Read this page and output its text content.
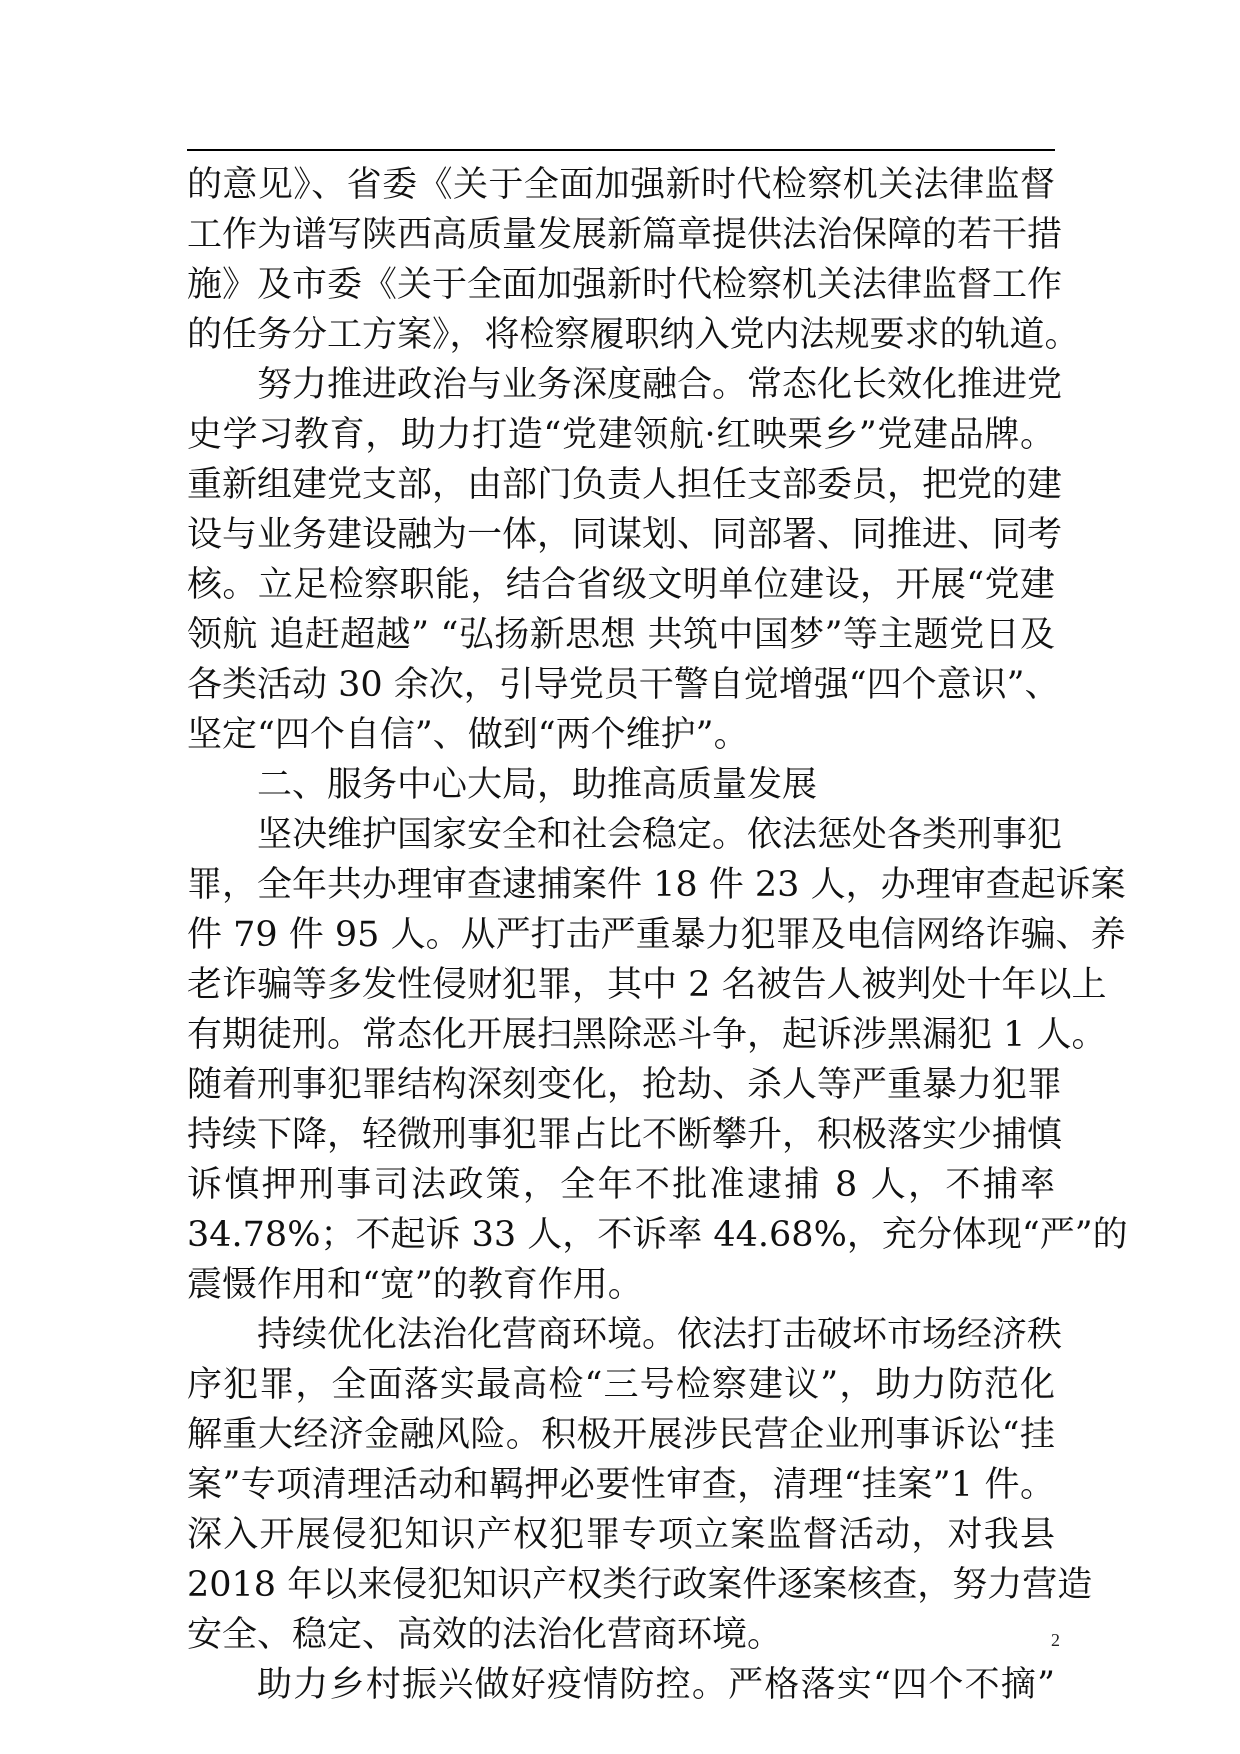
的意见》、省委《关于全面加强新时代检察机关法律监督
工作为谱写陕西高质量发展新篇章提供法治保障的若干措
施》及市委《关于全面加强新时代检察机关法律监督工作
的任务分工方案》，将检察履职纳入党内法规要求的轨道。
努力推进政治与业务深度融合。常态化长效化推进党
史学习教育，助力打造“党建领航·红映栗乡”党建品牌。
重新组建党支部，由部门负责人担任支部委员，把党的建
设与业务建设融为一体，同谋划、同部署、同推进、同考
核。立足检察职能，结合省级文明单位建设，开展“党建
领航 追赶超越” “弘扬新思想 共筑中国梦”等主题党日及
各类活动 30 余次，引导党员干警自觉增强“四个意识”、
坚定“四个自信”、做到“两个维护”。
二、服务中心大局，助推高质量发展
坚决维护国家安全和社会稳定。依法惩处各类刑事犯
罪，全年共办理审查逮捕案件 18 件 23 人，办理审查起诉案
件 79 件 95 人。从严打击严重暴力犯罪及电信网络诈骗、养
老诈骗等多发性侵财犯罪，其中 2 名被告人被判处十年以上
有期徒刑。常态化开展扫黑除恶斗争，起诉涉黑漏犯 1 人。
随着刑事犯罪结构深刻变化，抢劫、杀人等严重暴力犯罪
持续下降，轻微刑事犯罪占比不断攀升，积极落实少捕慎
诉慎押刑事司法政策，全年不批准逮捕 8 人，不捕率
34.78%；不起诉 33 人，不诉率 44.68%，充分体现“严”的
震慑作用和“宽”的教育作用。
持续优化法治化营商环境。依法打击破坏市场经济秩
序犯罪，全面落实最高检“三号检察建议”，助力防范化
解重大经济金融风险。积极开展涉民营企业刑事诉讼“挂
案”专项清理活动和羁押必要性审查，清理“挂案”1 件。
深入开展侵犯知识产权犯罪专项立案监督活动，对我县
2018 年以来侵犯知识产权类行政案件逐案核查，努力营造
安全、稳定、高效的法治化营商环境。
助力乡村振兴做好疫情防控。严格落实“四个不摘”
2
